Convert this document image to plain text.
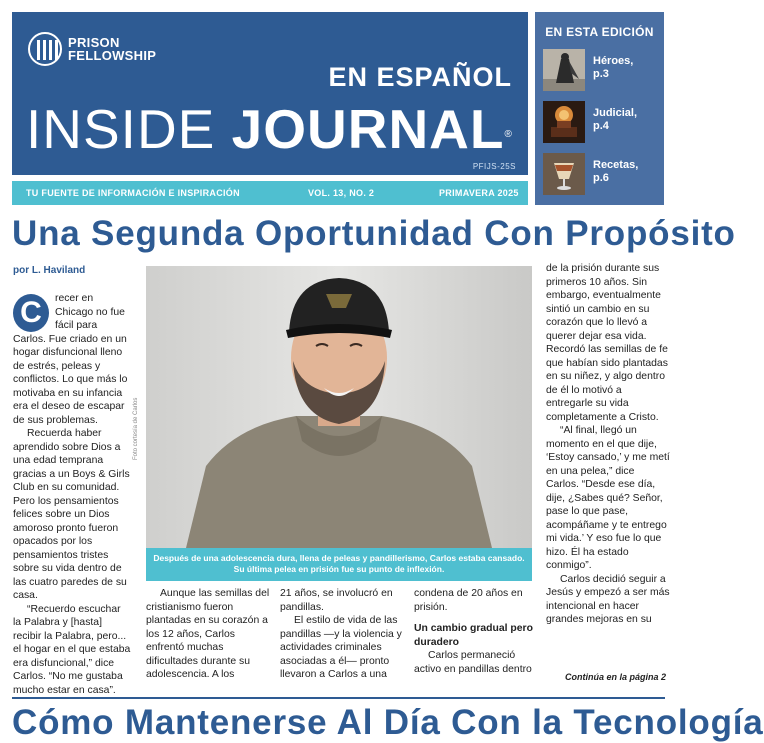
PRISON
FELLOWSHIP
EN ESPAÑOL
INSIDE JOURNAL®
PFIJS-25S
TU FUENTE DE INFORMACIÓN E INSPIRACIÓN	VOL. 13, NO. 2	PRIMAVERA 2025
EN ESTA EDICIÓN
Héroes,
p.3
Judicial,
p.4
Recetas,
p.6
Una Segunda Oportunidad Con Propósito
por L. Haviland
C	recer en Chicago no fue fácil para Carlos. Fue criado en un hogar disfuncional lleno de estrés, peleas y conflictos. Lo que más lo motivaba en su infancia era el deseo de escapar de sus problemas.

Recuerda haber aprendido sobre Dios a una edad temprana gracias a un Boys & Girls Club en su comunidad. Pero los pensamientos felices sobre un Dios amoroso pronto fueron opacados por los pensamientos tristes sobre su vida dentro de las cuatro paredes de su casa.

“Recuerdo escuchar la Palabra y [hasta] recibir la Palabra, pero... el hogar en el que estaba era disfuncional,” dice Carlos. “No me gustaba mucho estar en casa”.

Foto cortesía de Carlos
Después de una adolescencia dura, llena de peleas y pandillerismo, Carlos estaba cansado.
Su última pelea en prisión fue su punto de inflexión.

Aunque las semillas del cristianismo fueron plantadas en su corazón a los 12 años, Carlos enfrentó muchas dificultades durante su adolescencia. A los

21 años, se involucró en pandillas.

El estilo de vida de las pandillas —y la violencia y actividades criminales asociadas a él— pronto llevaron a Carlos a una

condena de 20 años en prisión.

Un cambio gradual pero duradero

Carlos permaneció activo en pandillas dentro

de la prisión durante sus primeros 10 años. Sin embargo, eventualmente sintió un cambio en su corazón que lo llevó a querer dejar esa vida. Recordó las semillas de fe que habían sido plantadas en su niñez, y algo dentro de él lo motivó a entregarle su vida completamente a Cristo.

“Al final, llegó un momento en el que dije, ‘Estoy cansado,’ y me metí en una pelea,” dice Carlos. “Desde ese día, dije, ¿Sabes qué? Señor, pase lo que pase, acompáñame y te entrego mi vida.’ Y eso fue lo que hizo. Él ha estado conmigo”.

Carlos decidió seguir a Jesús y empezó a ser más intencional en hacer grandes mejoras en su

Continúa en la página 2
Cómo Mantenerse Al Día Con la Tecnología
